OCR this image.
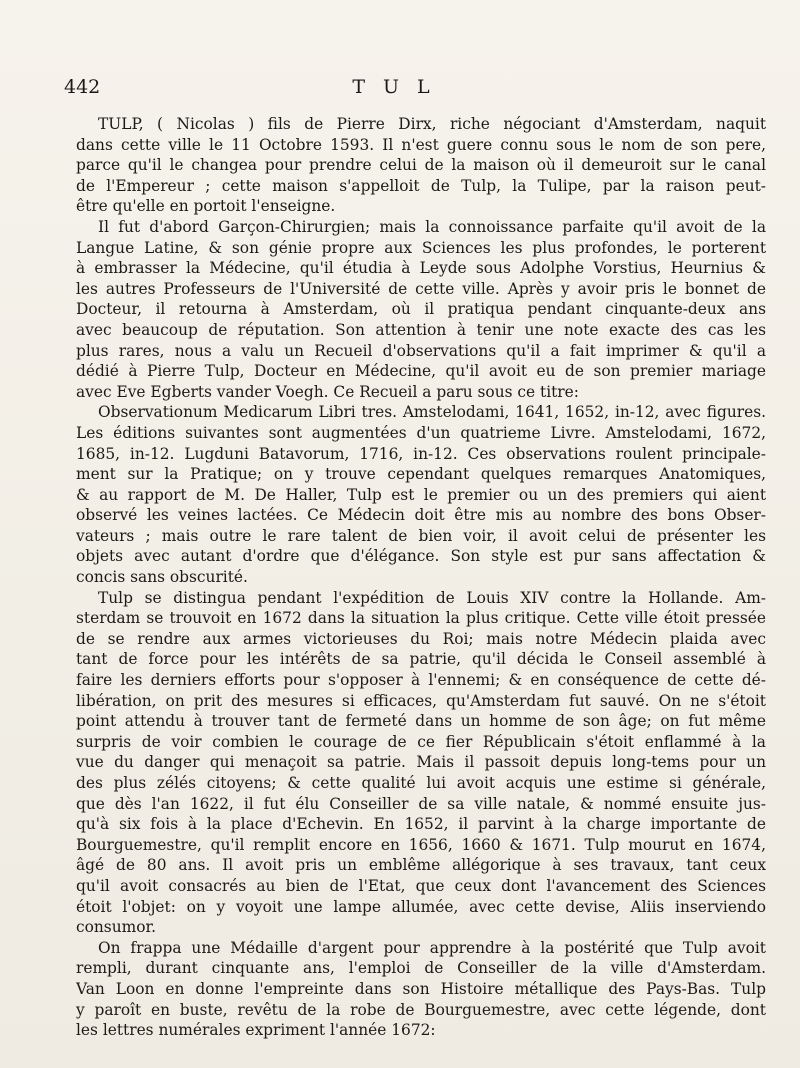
442	TUL
TULP, ( Nicolas ) fils de Pierre Dirx, riche négociant d'Amsterdam, naquit
dans cette ville le 11 Octobre 1593. Il n'est guere connu sous le nom de son pere,
parce qu'il le changea pour prendre celui de la maison où il demeuroit sur le canal
de l'Empereur ; cette maison s'appelloit de Tulp, la Tulipe, par la raison peut-
être qu'elle en portoit l'enseigne.
Il fut d'abord Garçon-Chirurgien; mais la connoissance parfaite qu'il avoit de la
Langue Latine, & son génie propre aux Sciences les plus profondes, le porterent
à embrasser la Médecine, qu'il étudia à Leyde sous Adolphe Vorstius, Heurnius &
les autres Professeurs de l'Université de cette ville. Après y avoir pris le bonnet de
Docteur, il retourna à Amsterdam, où il pratiqua pendant cinquante-deux ans
avec beaucoup de réputation. Son attention à tenir une note exacte des cas les
plus rares, nous a valu un Recueil d'observations qu'il a fait imprimer & qu'il a
dédié à Pierre Tulp, Docteur en Médecine, qu'il avoit eu de son premier mariage
avec Eve Egberts vander Voegh. Ce Recueil a paru sous ce titre:
Observationum Medicarum Libri tres. Amstelodami, 1641, 1652, in-12, avec figures.
Les éditions suivantes sont augmentées d'un quatrieme Livre. Amstelodami, 1672,
1685, in-12. Lugduni Batavorum, 1716, in-12. Ces observations roulent principale-
ment sur la Pratique; on y trouve cependant quelques remarques Anatomiques,
& au rapport de M. De Haller, Tulp est le premier ou un des premiers qui aient
observé les veines lactées. Ce Médecin doit être mis au nombre des bons Obser-
vateurs ; mais outre le rare talent de bien voir, il avoit celui de présenter les
objets avec autant d'ordre que d'élégance. Son style est pur sans affectation &
concis sans obscurité.
Tulp se distingua pendant l'expédition de Louis XIV contre la Hollande. Am-
sterdam se trouvoit en 1672 dans la situation la plus critique. Cette ville étoit pressée
de se rendre aux armes victorieuses du Roi; mais notre Médecin plaida avec
tant de force pour les intérêts de sa patrie, qu'il décida le Conseil assemblé à
faire les derniers efforts pour s'opposer à l'ennemi; & en conséquence de cette dé-
libération, on prit des mesures si efficaces, qu'Amsterdam fut sauvé. On ne s'étoit
point attendu à trouver tant de fermeté dans un homme de son âge; on fut même
surpris de voir combien le courage de ce fier Républicain s'étoit enflammé à la
vue du danger qui menaçoit sa patrie. Mais il passoit depuis long-tems pour un
des plus zélés citoyens; & cette qualité lui avoit acquis une estime si générale,
que dès l'an 1622, il fut élu Conseiller de sa ville natale, & nommé ensuite jus-
qu'à six fois à la place d'Echevin. En 1652, il parvint à la charge importante de
Bourguemestre, qu'il remplit encore en 1656, 1660 & 1671. Tulp mourut en 1674,
âgé de 80 ans. Il avoit pris un emblême allégorique à ses travaux, tant ceux
qu'il avoit consacrés au bien de l'Etat, que ceux dont l'avancement des Sciences
étoit l'objet: on y voyoit une lampe allumée, avec cette devise, Aliis inserviendo
consumor.
On frappa une Médaille d'argent pour apprendre à la postérité que Tulp avoit
rempli, durant cinquante ans, l'emploi de Conseiller de la ville d'Amsterdam.
Van Loon en donne l'empreinte dans son Histoire métallique des Pays-Bas. Tulp
y paroît en buste, revêtu de la robe de Bourguemestre, avec cette légende, dont
les lettres numérales expriment l'année 1672:
